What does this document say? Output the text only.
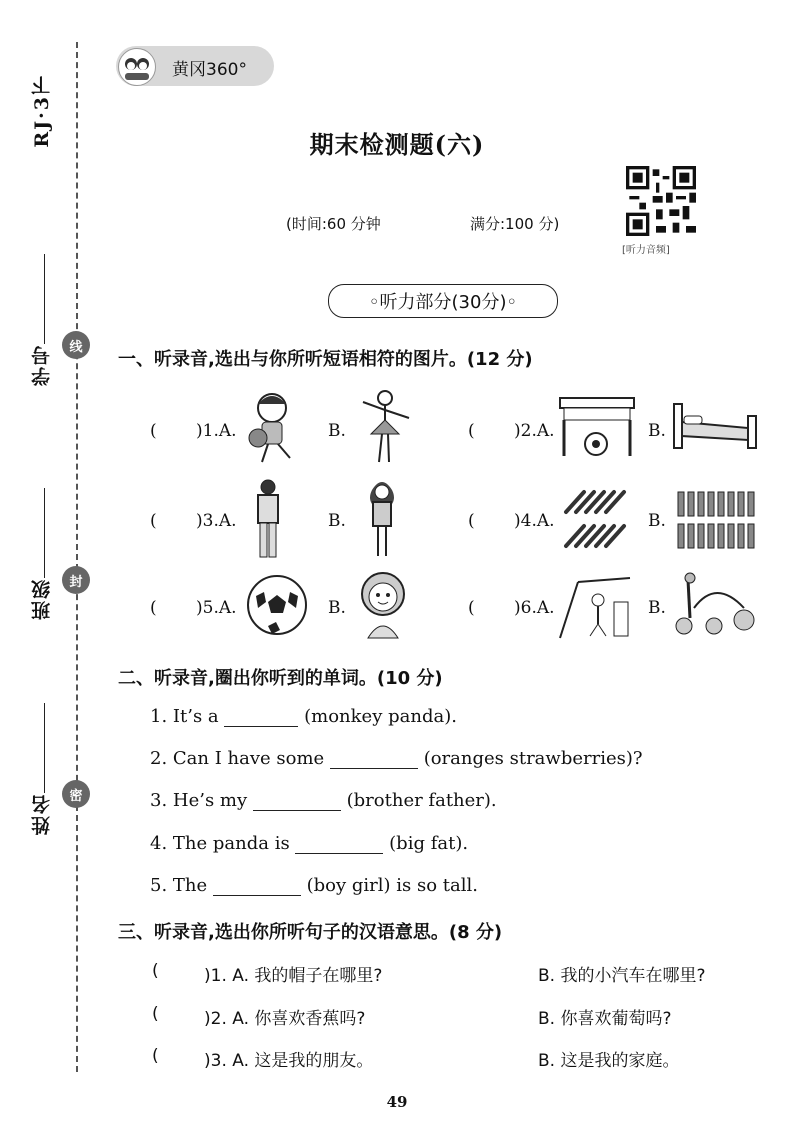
RJ·3下
学号
班级
姓名
线
封
密
黄冈360°
期末检测题(六)
(时间:60 分钟	满分:100 分)
[听力音频]
◦听力部分(30分)◦
一、听录音,选出与你所听短语相符的图片。(12 分)
( )1.A.	B.	( )2.A.	B.
( )3.A.	B.	( )4.A.	B.
( )5.A.	B.	( )6.A.	B.
二、听录音,圈出你听到的单词。(10 分)
1. It’s a	(monkey panda).
2. Can I have some	(oranges strawberries)?
3. He’s my	(brother father).
4. The panda is	(big fat).
5. The	(boy girl) is so tall.
三、听录音,选出你所听句子的汉语意思。(8 分)
(	)1. A. 我的帽子在哪里?	B. 我的小汽车在哪里?
(	)2. A. 你喜欢香蕉吗?	B. 你喜欢葡萄吗?
(	)3. A. 这是我的朋友。	B. 这是我的家庭。
49
